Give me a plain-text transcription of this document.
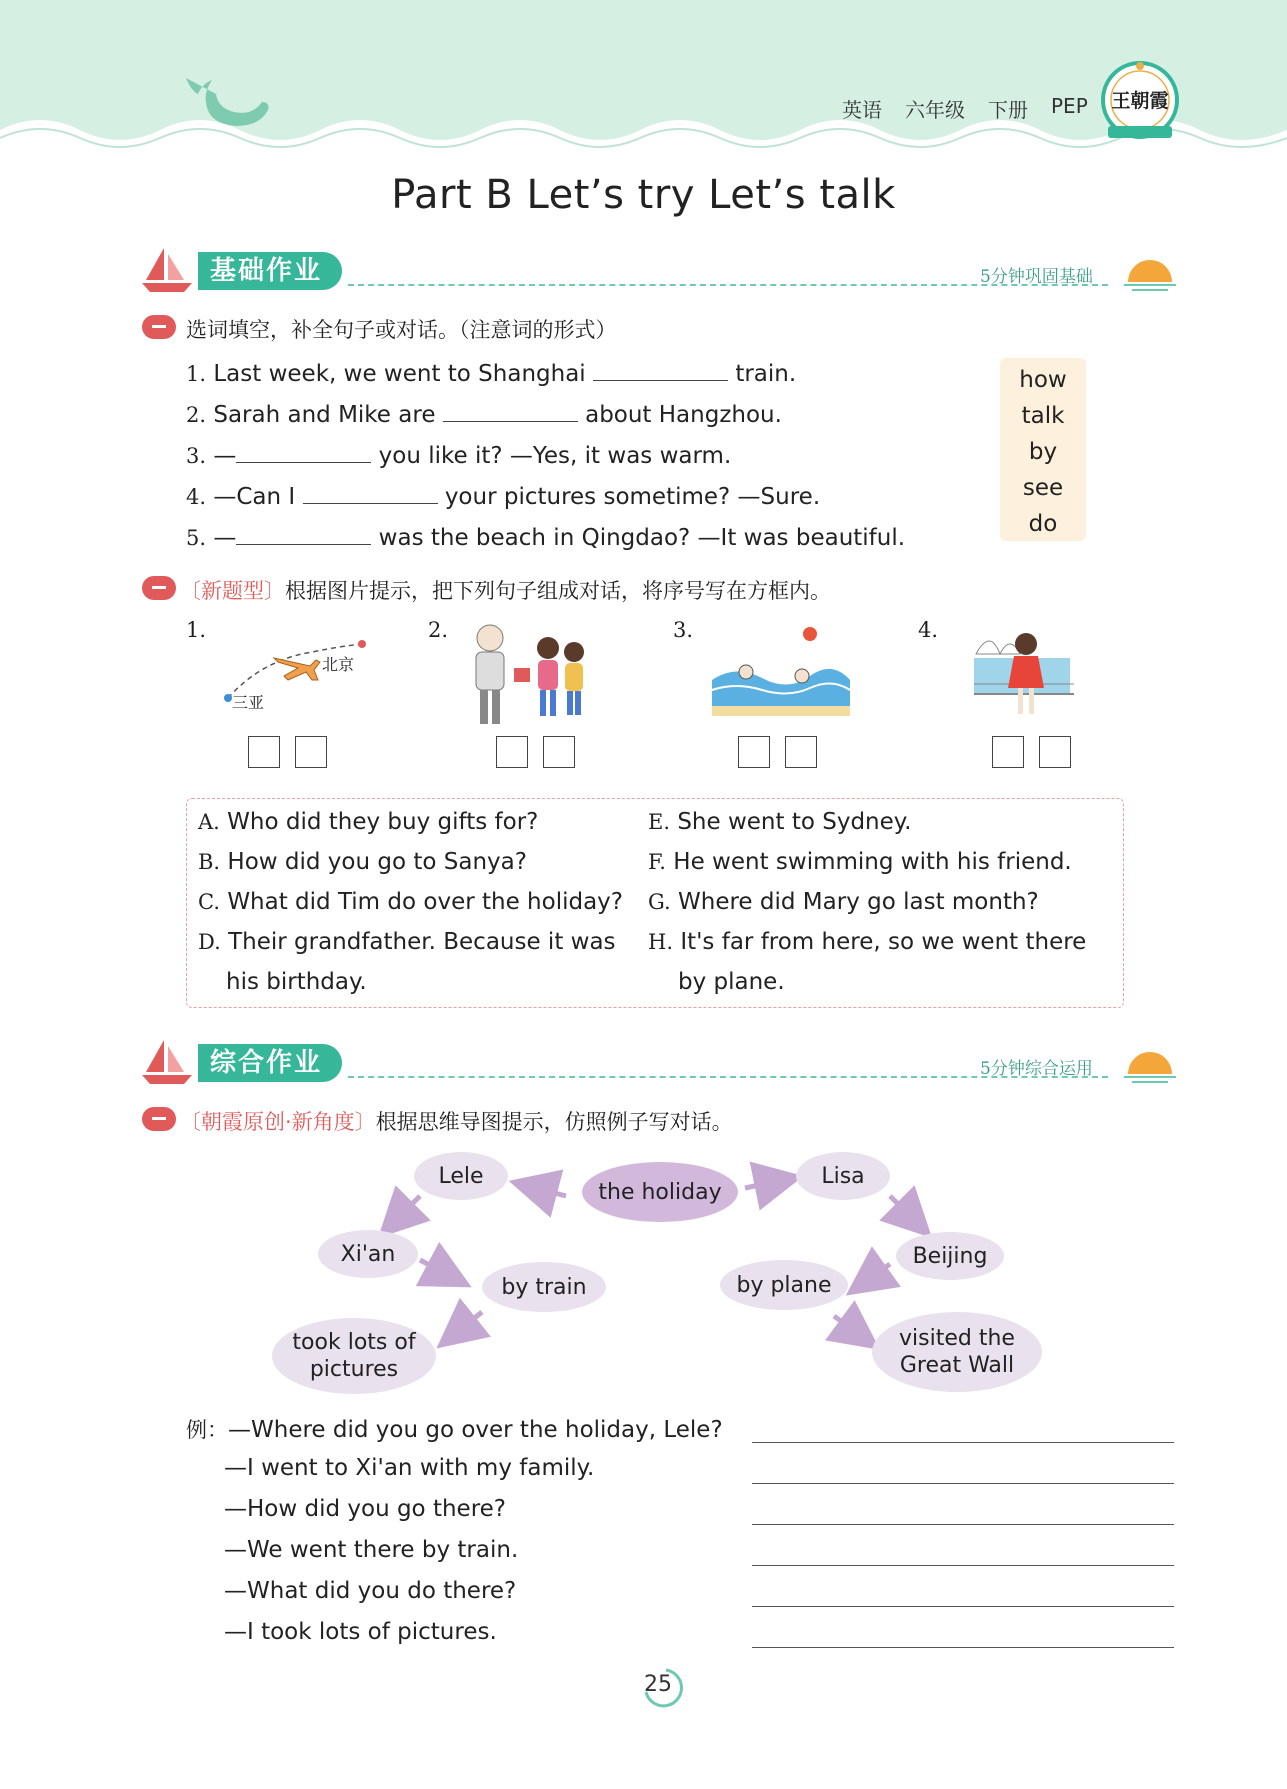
英语 六年级 下册 PEP	王朝霞
Part B Let’s try Let’s talk
基础作业	5分钟巩固基础
选词填空，补全句子或对话。（注意词的形式）
1. Last week, we went to Shanghai	train.
2. Sarah and Mike are	about Hangzhou.
3. —	you like it? —Yes, it was warm.
4. —Can I	your pictures sometime? —Sure.
5. —	was the beach in Qingdao? —It was beautiful.
how
talk
by
see
do
〔新题型〕根据图片提示，把下列句子组成对话，将序号写在方框内。
1.
北京
三亚
2.	3.	4.
A. Who did they buy gifts for?
B. How did you go to Sanya?
C. What did Tim do over the holiday?
D. Their grandfather. Because it was
his birthday.
E. She went to Sydney.
F. He went swimming with his friend.
G. Where did Mary go last month?
H. It's far from here, so we went there
by plane.
综合作业	5分钟综合运用
〔朝霞原创·新角度〕根据思维导图提示，仿照例子写对话。
the holiday
Lele
Xi'an
by train
took lots of pictures
Lisa
Beijing
by plane
visited the Great Wall
例：—Where did you go over the holiday, Lele?
—I went to Xi'an with my family.
—How did you go there?
—We went there by train.
—What did you do there?
—I took lots of pictures.
25
